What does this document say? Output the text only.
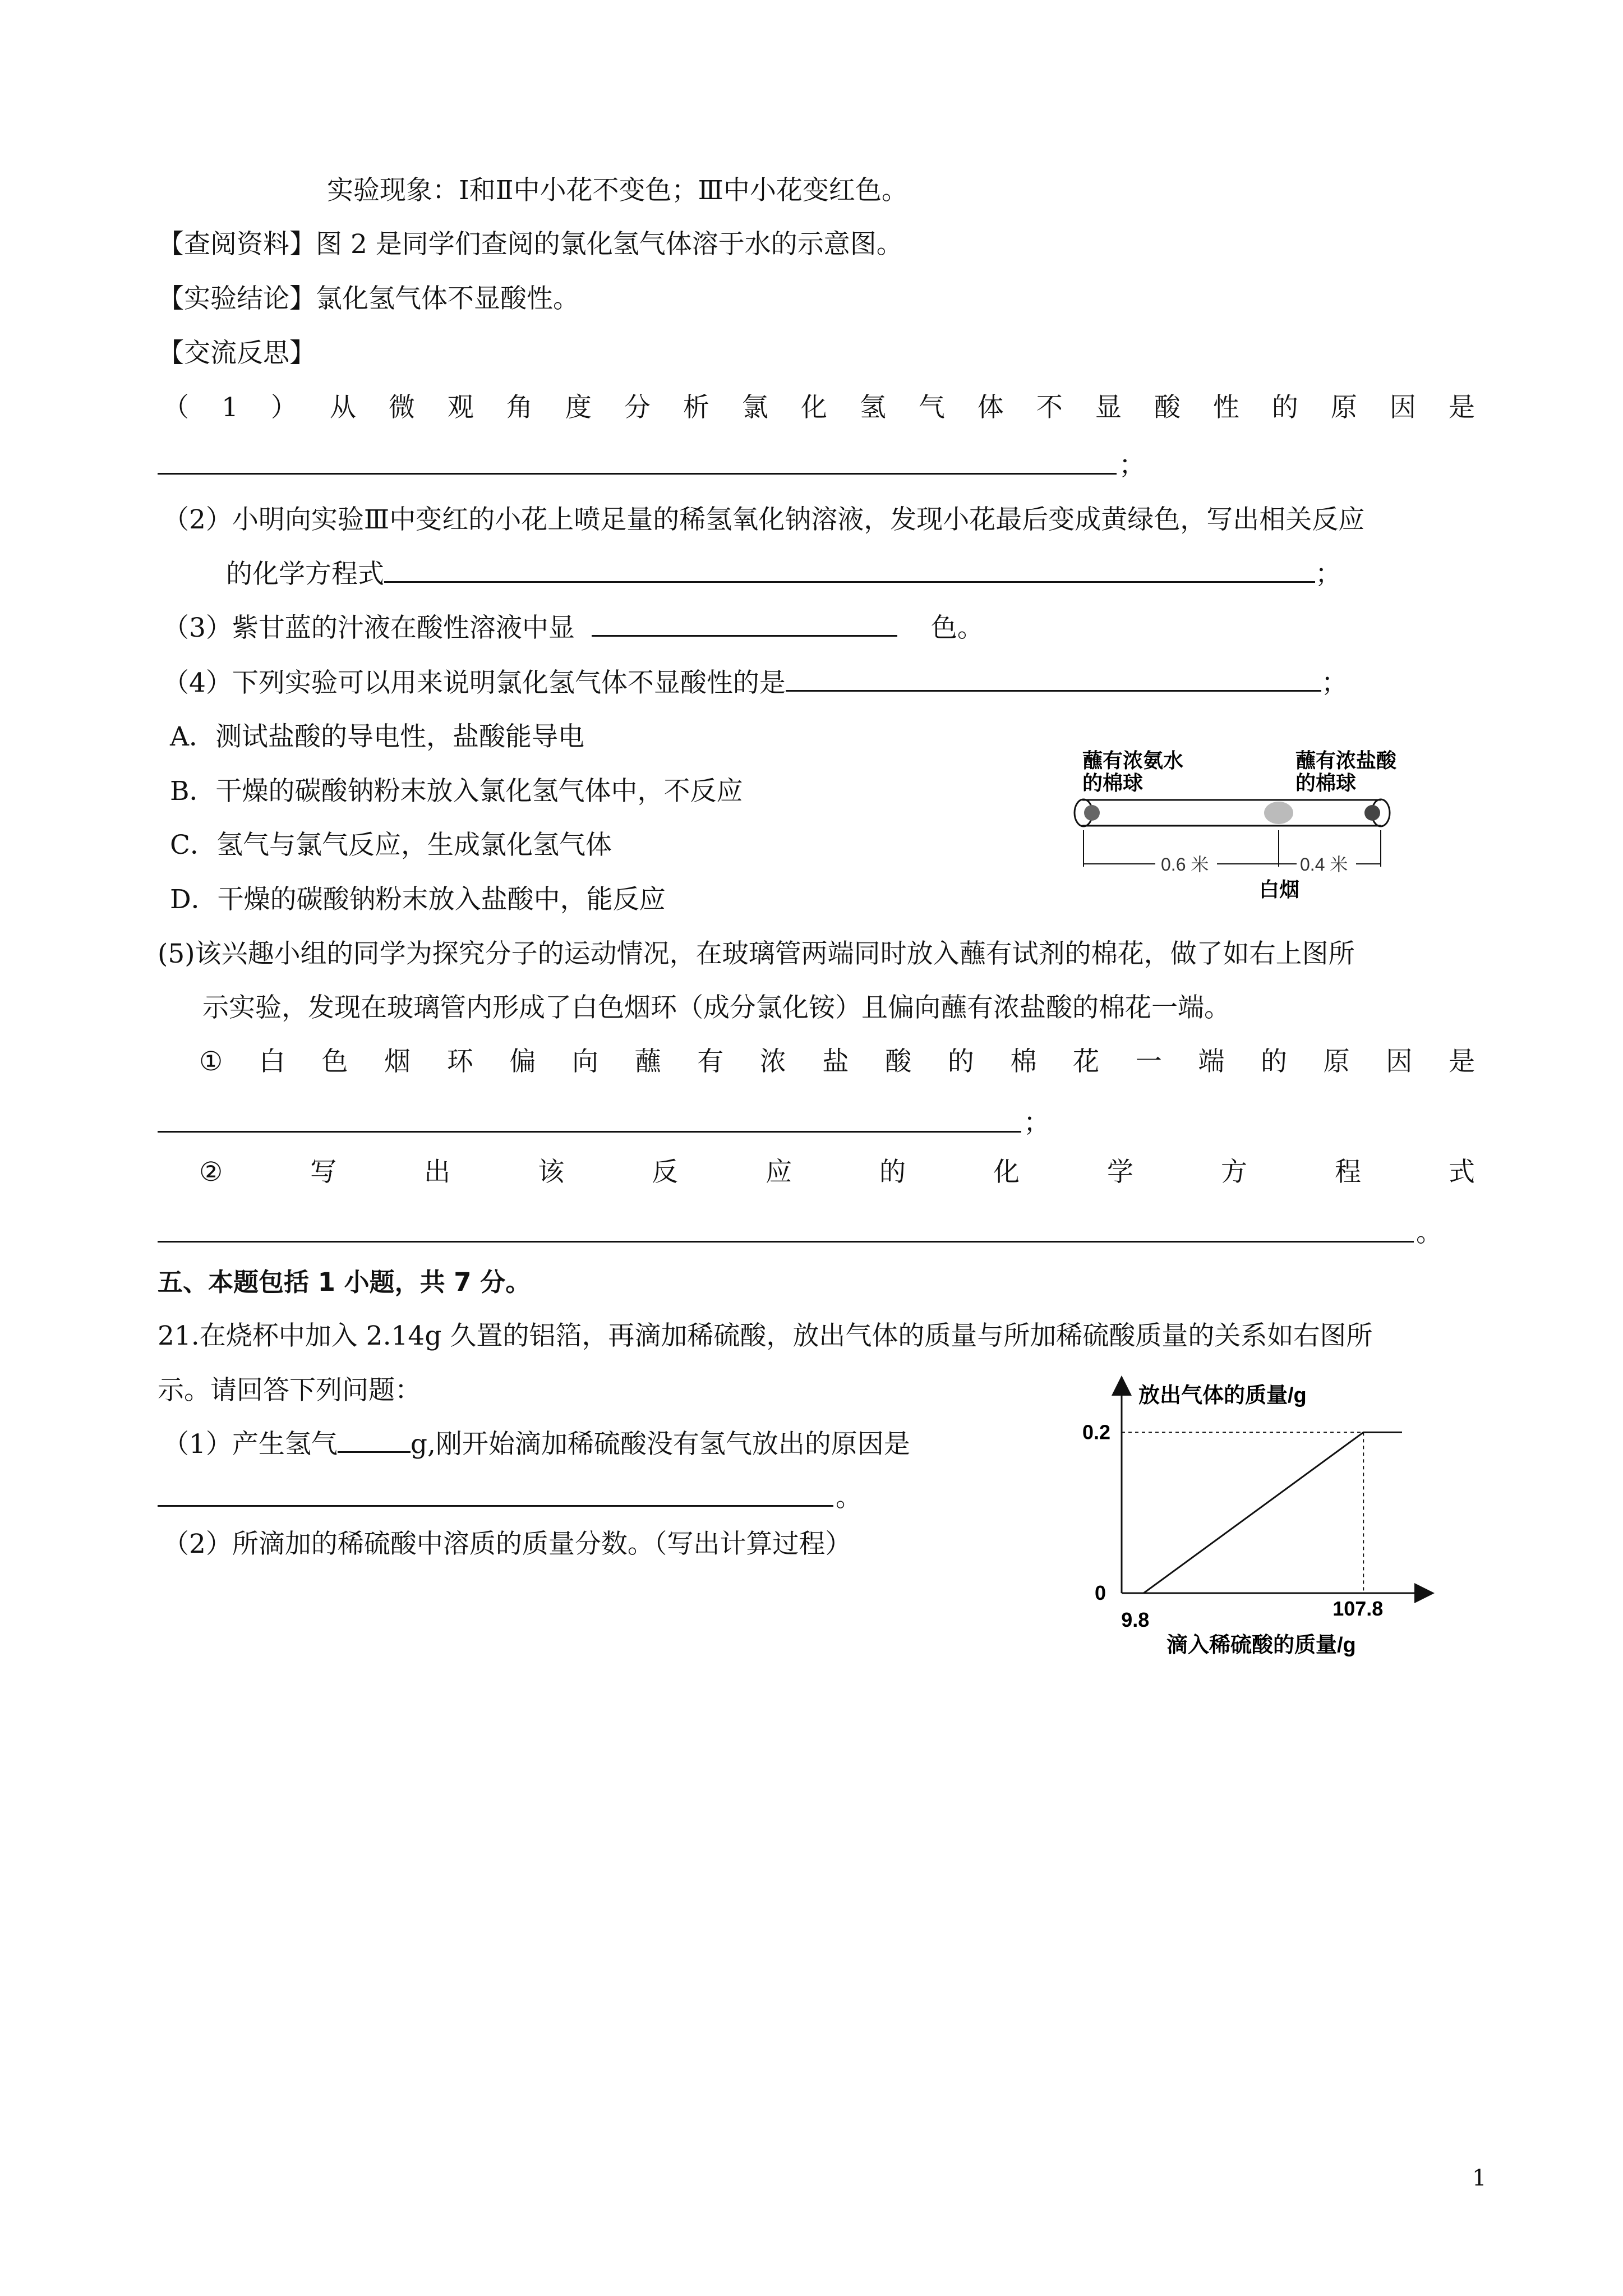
实验现象：Ⅰ和Ⅱ中小花不变色；Ⅲ中小花变红色。
【查阅资料】图 2 是同学们查阅的氯化氢气体溶于水的示意图。
【实验结论】氯化氢气体不显酸性。
【交流反思】
（ 1 ） 从 微 观 角 度 分 析 氯 化 氢 气 体 不 显 酸 性 的 原 因 是
；
（2）小明向实验Ⅲ中变红的小花上喷足量的稀氢氧化钠溶液，发现小花最后变成黄绿色，写出相关反应
的化学方程式	；
（3）紫甘蓝的汁液在酸性溶液中显	色。
（4）下列实验可以用来说明氯化氢气体不显酸性的是	；
A．测试盐酸的导电性，盐酸能导电
B．干燥的碳酸钠粉末放入氯化氢气体中，不反应
C．氢气与氯气反应，生成氯化氢气体
D．干燥的碳酸钠粉末放入盐酸中，能反应
蘸有浓氨水
的棉球
蘸有浓盐酸
的棉球
0.6 米	0.4 米
白烟
(5)该兴趣小组的同学为探究分子的运动情况，在玻璃管两端同时放入蘸有试剂的棉花，做了如右上图所
示实验，发现在玻璃管内形成了白色烟环（成分氯化铵）且偏向蘸有浓盐酸的棉花一端。
① 白 色 烟 环 偏 向 蘸 有 浓 盐 酸 的 棉 花 一 端 的 原 因 是
；
②	写	出	该	反	应	的	化	学	方	程	式
。
五、本题包括 1 小题，共 7 分。
21.在烧杯中加入 2.14g 久置的铝箔，再滴加稀硫酸，放出气体的质量与所加稀硫酸质量的关系如右图所
示。请回答下列问题：
（1）产生氢气	g,刚开始滴加稀硫酸没有氢气放出的原因是
。
（2）所滴加的稀硫酸中溶质的质量分数。（写出计算过程）
放出气体的质量/g
0.2
0
9.8	107.8
滴入稀硫酸的质量/g
1
